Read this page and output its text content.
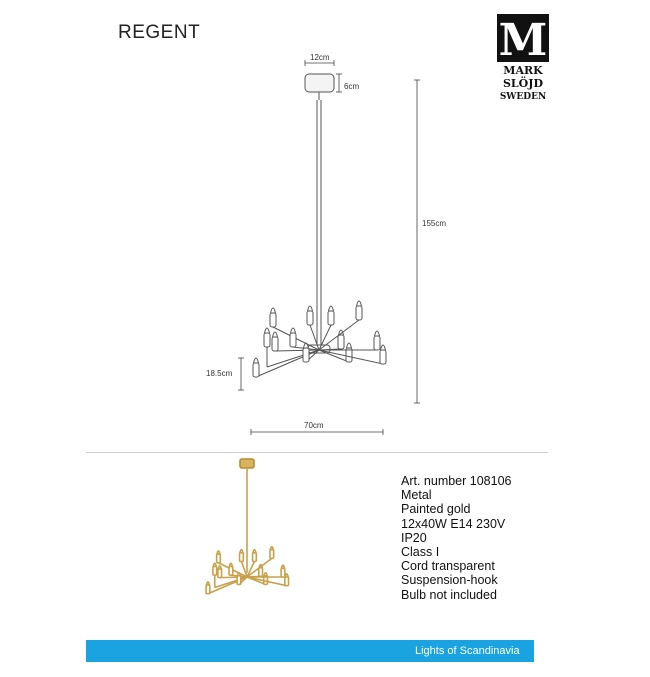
REGENT	M
MARK
SLÖJD
SWEDEN
12cm
6cm
155cm
18.5cm
70cm
Art. number 108106
Metal
Painted gold
12x40W E14 230V
IP20
Class I
Cord transparent
Suspension-hook
Bulb not included
Lights of Scandinavia
